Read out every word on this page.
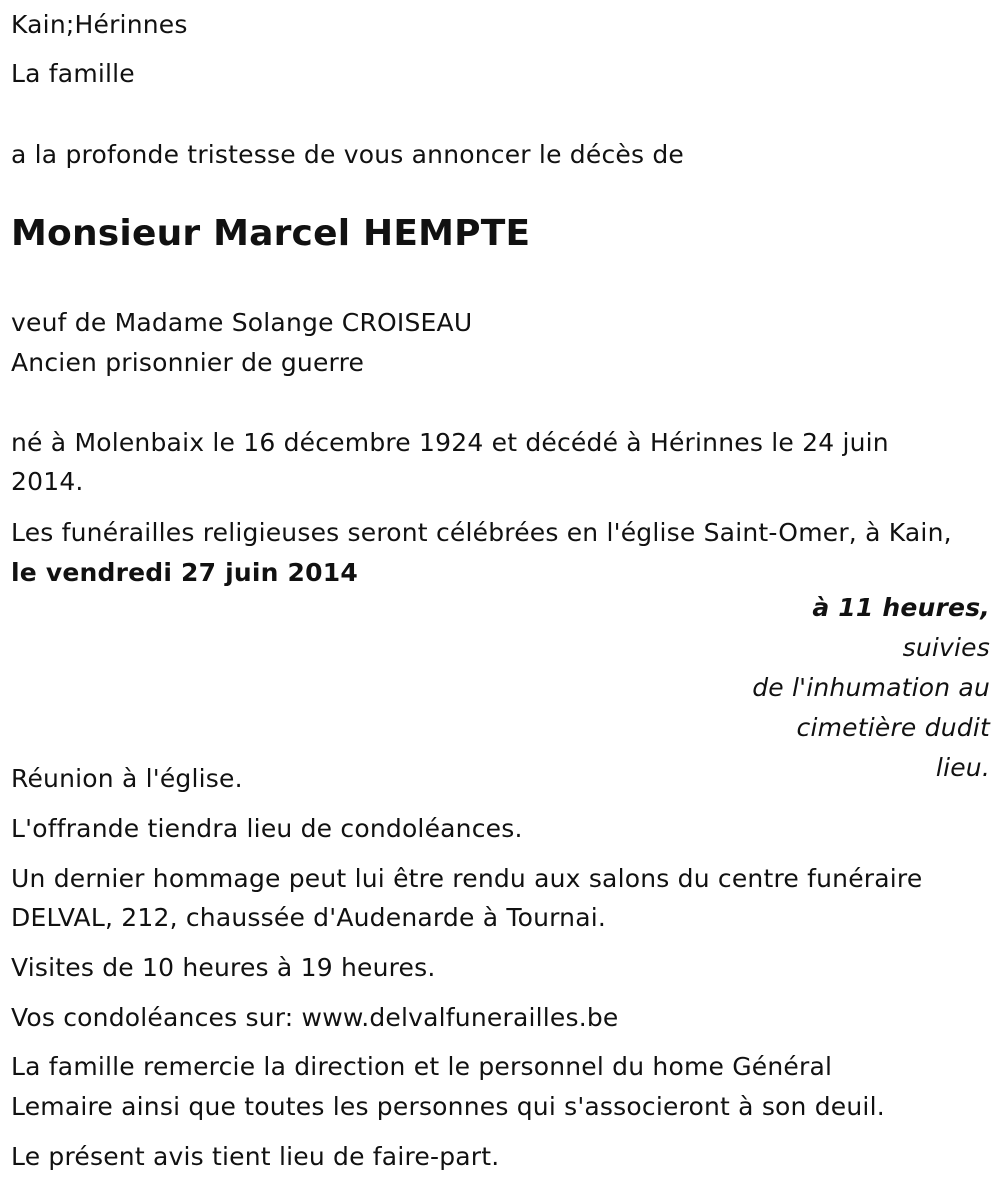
Kain;Hérinnes
La famille
a la profonde tristesse de vous annoncer le décès de
Monsieur Marcel HEMPTE
veuf de Madame Solange CROISEAU
Ancien prisonnier de guerre
né à Molenbaix le 16 décembre 1924 et décédé à Hérinnes le 24 juin
2014.
Les funérailles religieuses seront célébrées en l'église Saint-Omer, à Kain,
le vendredi 27 juin 2014
à 11 heures, suivies
de l'inhumation au
cimetière dudit
lieu.
Réunion à l'église.
L'offrande tiendra lieu de condoléances.
Un dernier hommage peut lui être rendu aux salons du centre funéraire
DELVAL, 212, chaussée d'Audenarde à Tournai.
Visites de 10 heures à 19 heures.
Vos condoléances sur: www.delvalfunerailles.be
La famille remercie la direction et le personnel du home Général
Lemaire ainsi que toutes les personnes qui s'associeront à son deuil.
Le présent avis tient lieu de faire-part.
